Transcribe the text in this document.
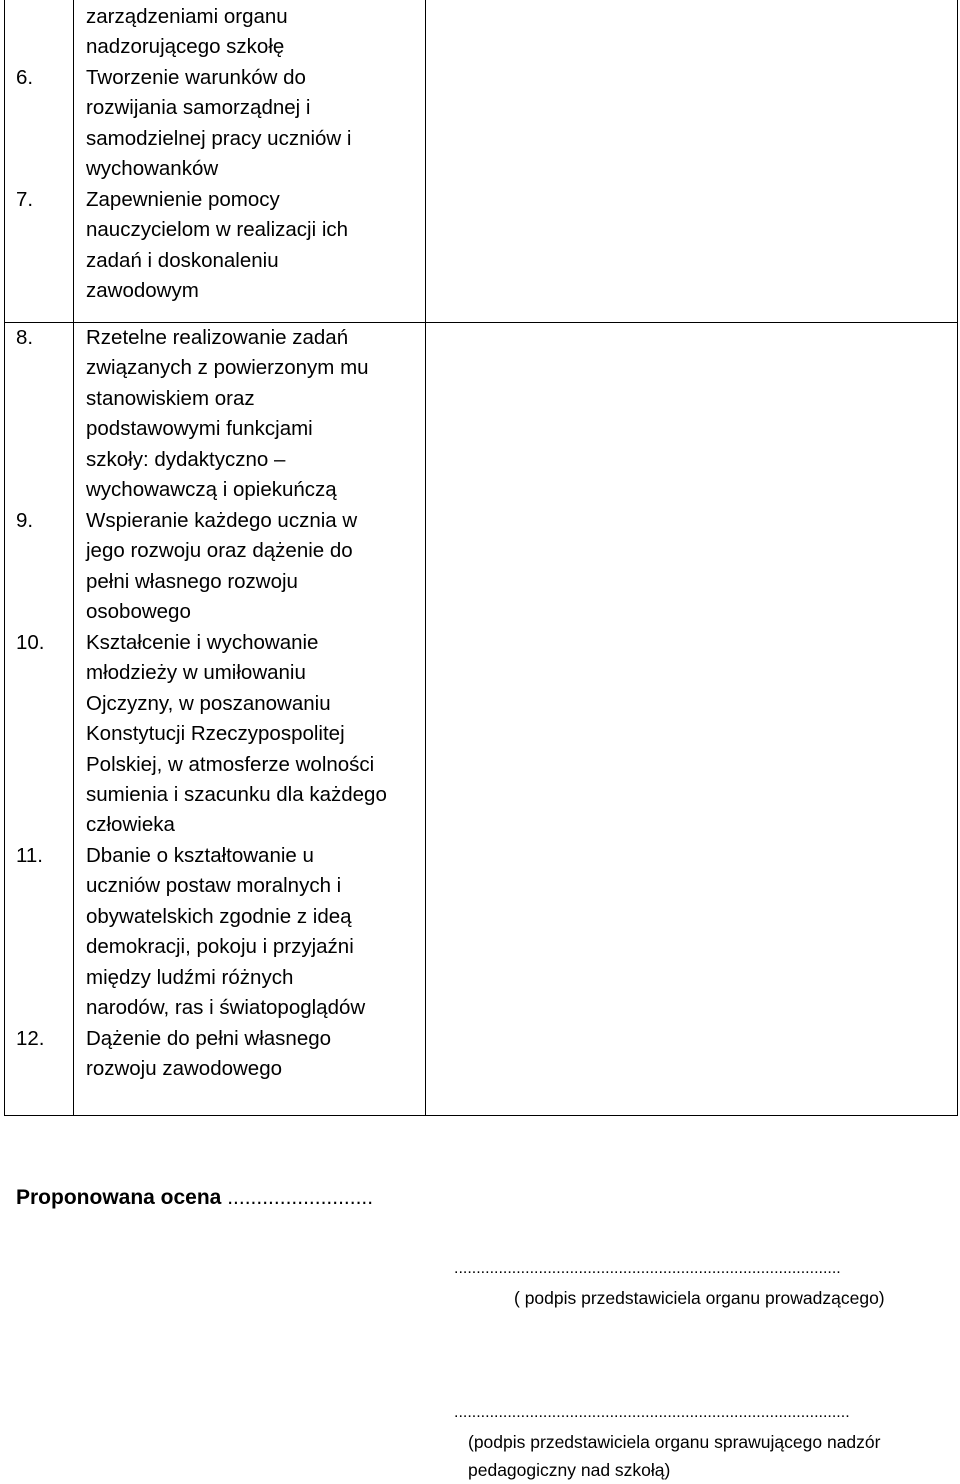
zarządzeniami organu
nadzorującego szkołę
6.	Tworzenie warunków do
rozwijania samorządnej i
samodzielnej pracy uczniów i
wychowanków
7.	Zapewnienie pomocy
nauczycielom w realizacji ich
zadań i doskonaleniu
zawodowym
8.	Rzetelne realizowanie zadań
związanych z powierzonym mu
stanowiskiem oraz
podstawowymi funkcjami
szkoły: dydaktyczno –
wychowawczą i opiekuńczą
9.	Wspieranie każdego ucznia w
jego rozwoju oraz dążenie do
pełni własnego rozwoju
osobowego
10. Kształcenie i wychowanie
młodzieży w umiłowaniu
Ojczyzny, w poszanowaniu
Konstytucji Rzeczypospolitej
Polskiej, w atmosferze wolności
sumienia i szacunku dla każdego
człowieka
11. Dbanie o kształtowanie u
uczniów postaw moralnych i
obywatelskich zgodnie z ideą
demokracji, pokoju i przyjaźni
między ludźmi różnych
narodów, ras i światopoglądów
12. Dążenie do pełni własnego
rozwoju zawodowego
Proponowana ocena .........................
.......................................................................................
( podpis przedstawiciela organu prowadzącego)
.........................................................................................
(podpis przedstawiciela organu sprawującego nadzór
pedagogiczny nad szkołą)
